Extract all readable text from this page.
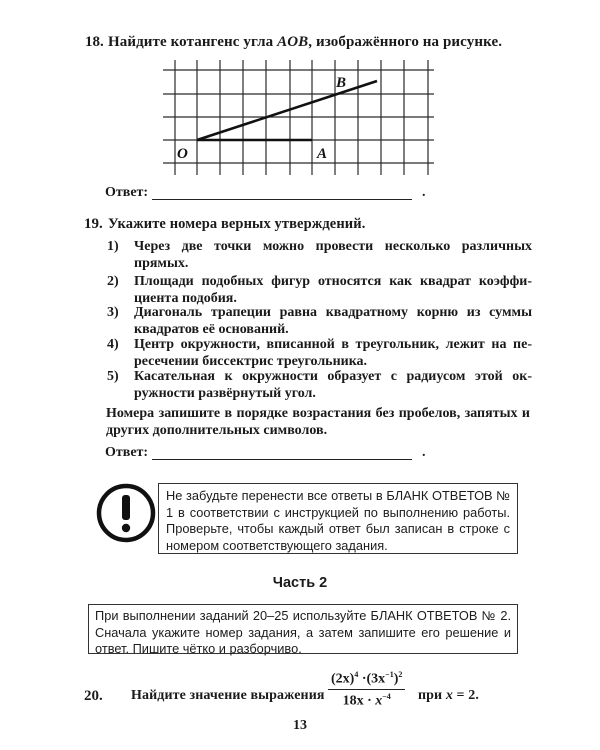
18. Найдите котангенс угла AOB, изображённого на рисунке.
O	A
B
Ответ:	.
19. Укажите номера верных утверждений.
1) Через две точки можно провести несколько различных прямых.
2) Площади подобных фигур относятся как квадрат коэффициента подобия.
3) Диагональ трапеции равна квадратному корню из суммы квадратов её оснований.
4) Центр окружности, вписанной в треугольник, лежит на пересечении биссектрис треугольника.
5) Касательная к окружности образует с радиусом этой окружности развёрнутый угол.
Номера запишите в порядке возрастания без пробелов, запятых и других дополнительных символов.
Ответ:	.

Не забудьте перенести все ответы в БЛАНК ОТВЕТОВ № 1 в соответствии с инструкцией по выполнению работы. Проверьте, чтобы каждый ответ был записан в строке с номером соответствующего задания.

Часть 2

При выполнении заданий 20–25 используйте БЛАНК ОТВЕТОВ № 2. Сначала укажите номер задания, а затем запишите его решение и ответ. Пишите чётко и разборчиво.

20. Найдите значение выражения $\frac{(2x)^4 \cdot(3x^{-1})^2}{18x \cdot x^{-4}}$ при x = 2.
13
